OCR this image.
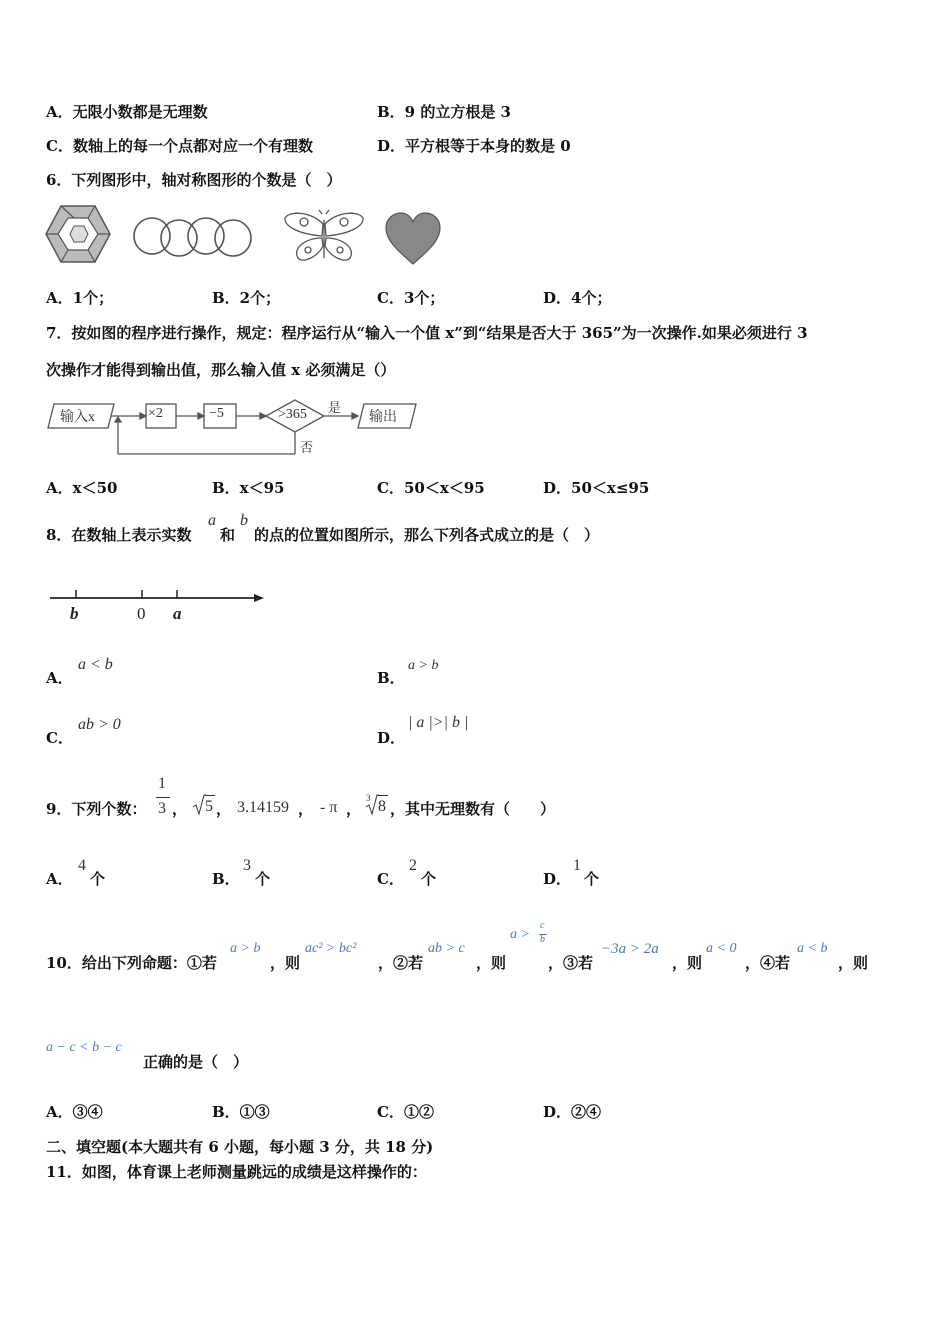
A．无限小数都是无理数	B．9 的立方根是 3
C．数轴上的每一个点都对应一个有理数	D．平方根等于本身的数是 0
6．下列图形中，轴对称图形的个数是（　）
A．1个；	B．2个；	C．3个；	D．4个；
7．按如图的程序进行操作，规定：程序运行从“输入一个值 x”到“结果是否大于 365”为一次操作.如果必须进行 3
次操作才能得到输出值，那么输入值 x 必须满足（）
输入x	×2	−5	>365 是
否
输出
A．x＜50	B．x＜95	C．50＜x＜95	D．50＜x≤95
8．在数轴上表示实数
a
和
b
的点的位置如图所示，那么下列各式成立的是（　）
b	0 a
A．
a < b
B．
a > b
C．
ab > 0
D．
| a |>| b |
9．下列个数：
1
3 ， 5 ， 3.14159 ， - π ，
3 8 ，其中无理数有（　　）
A．
4
个	B．
3
个	C．
2
个	D．
1
个
10．给出下列命题：①若
a > b
，则
ac² > bc²
，②若
ab > c
，则
a >
c
b
，③若
−3a > 2a
，则
a < 0
，④若
a < b
，则
a − c < b − c
正确的是（　）
A．③④	B．①③	C．①②	D．②④
二、填空题(本大题共有 6 小题，每小题 3 分，共 18 分)
11．如图，体育课上老师测量跳远的成绩是这样操作的：
